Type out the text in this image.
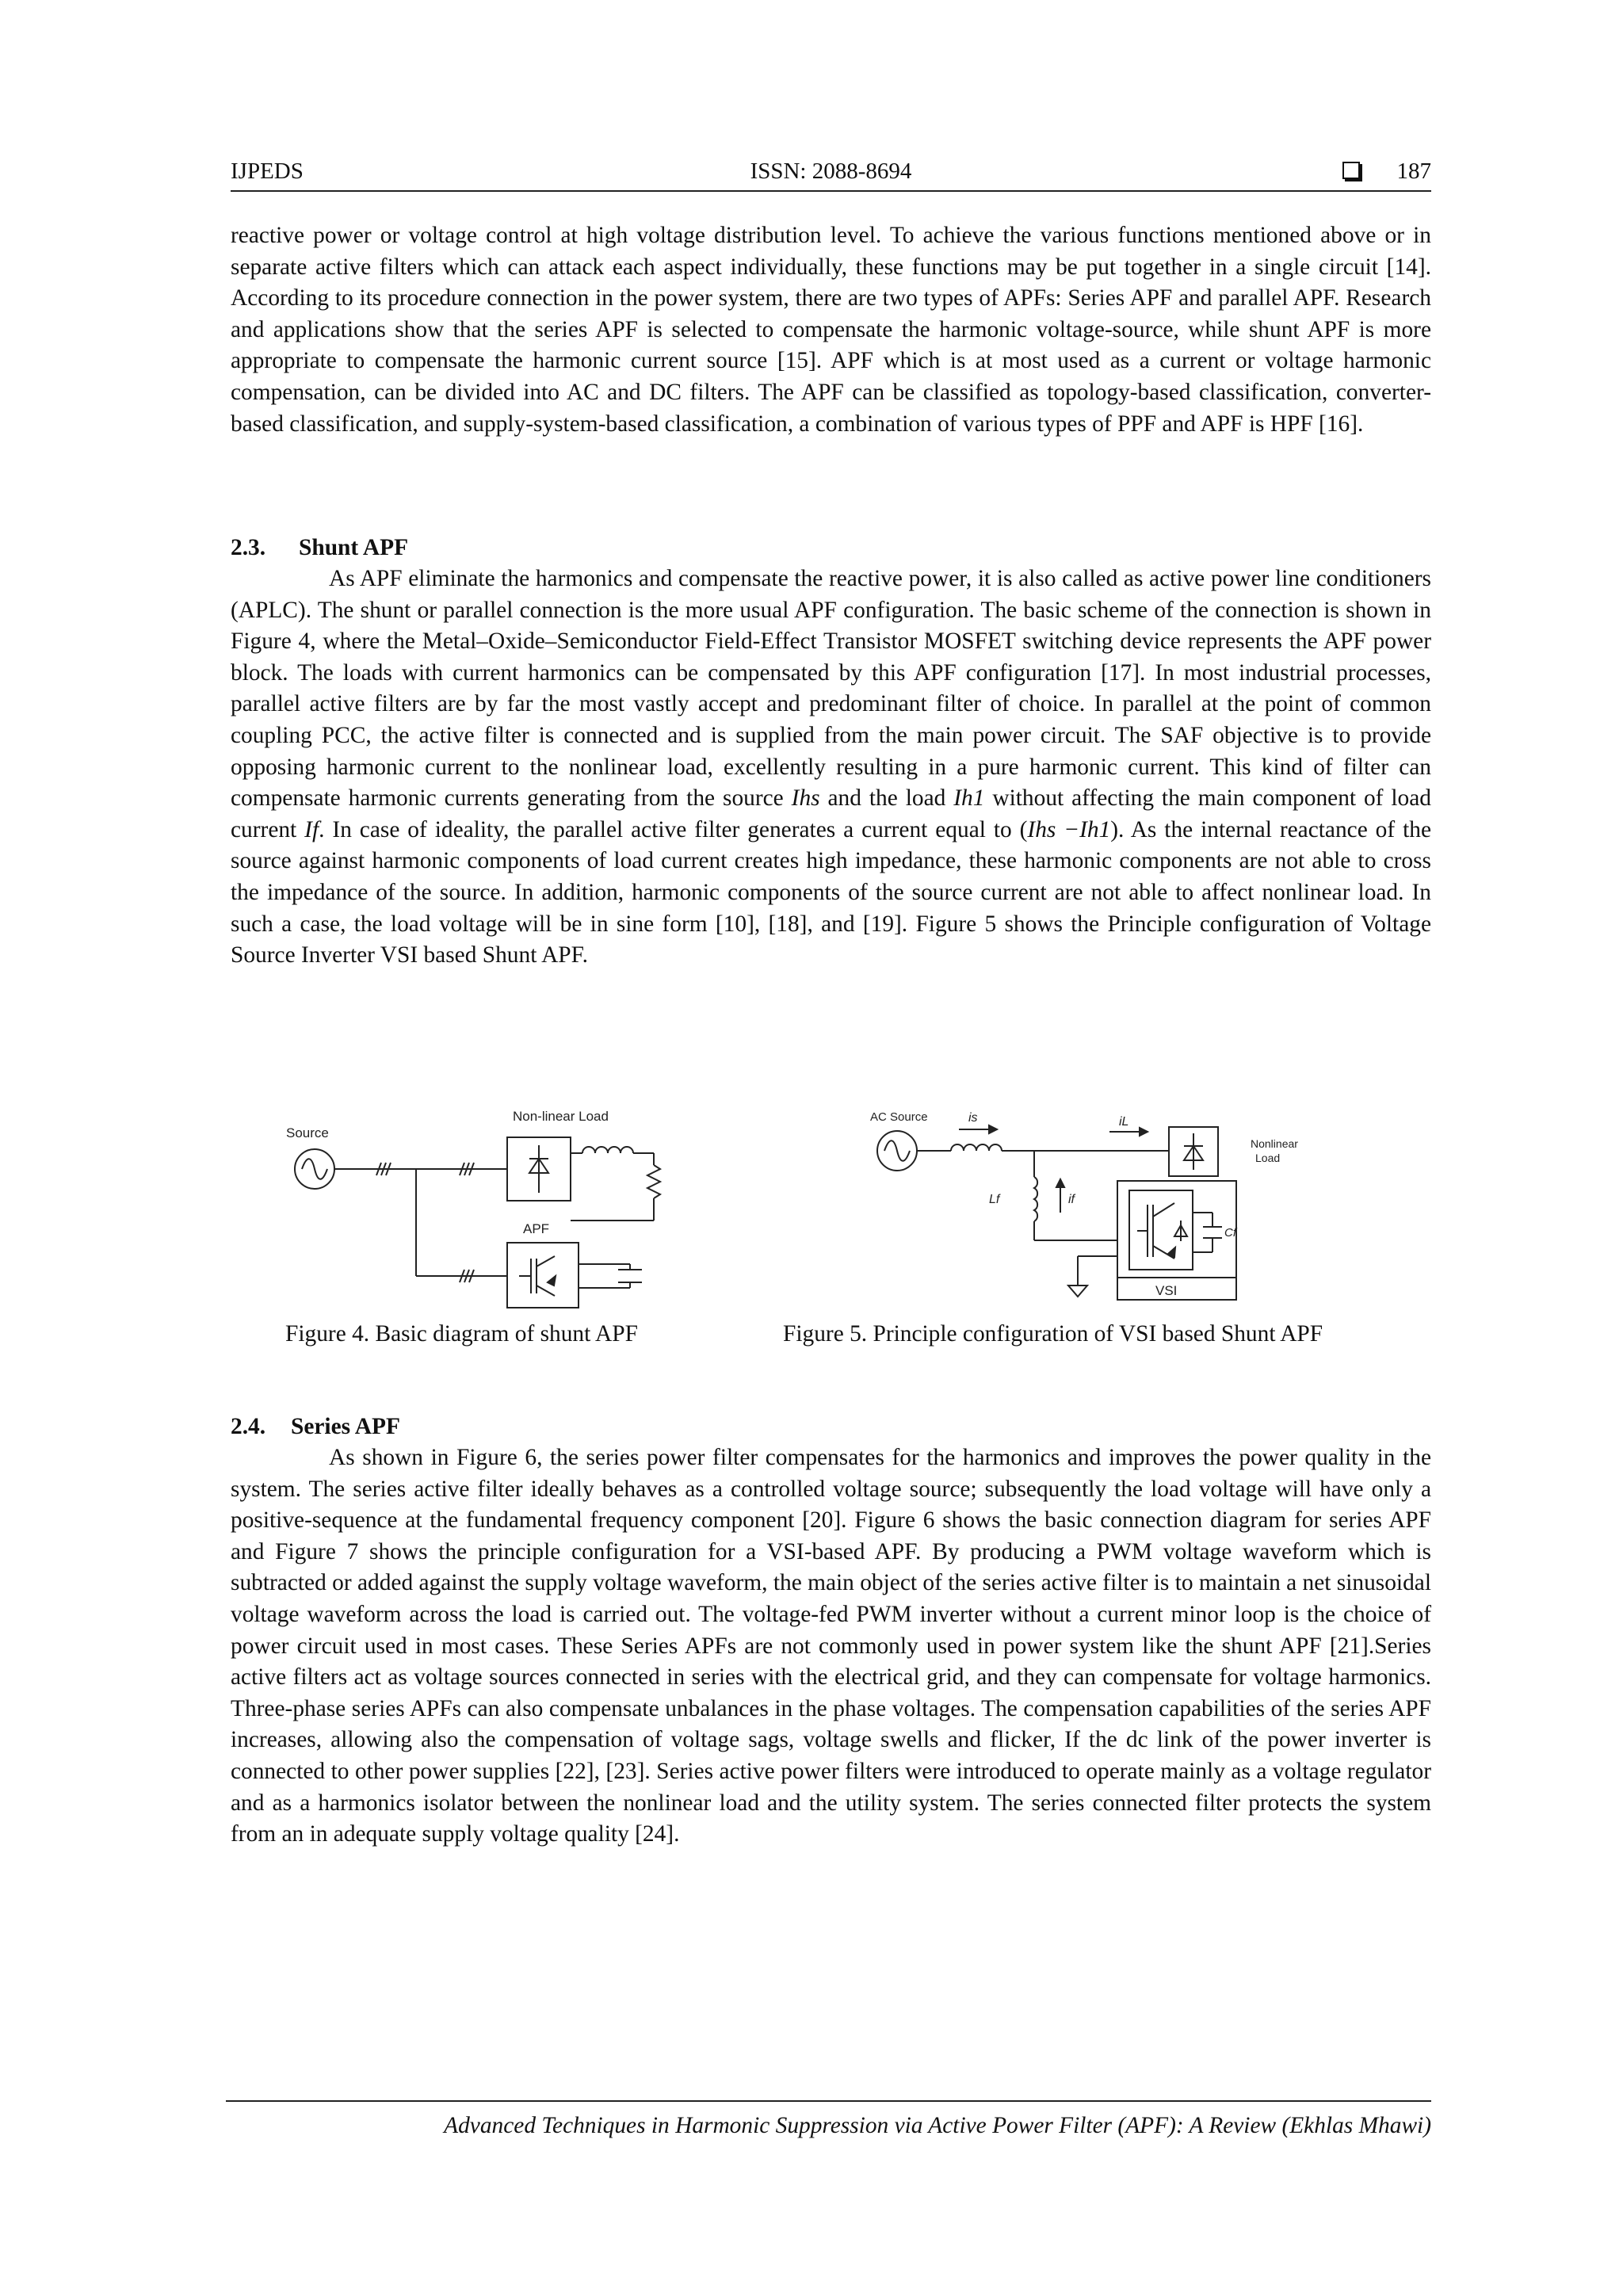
IJPEDS	ISSN: 2088-8694	187

reactive power or voltage control at high voltage distribution level. To achieve the various functions mentioned above or in separate active filters which can attack each aspect individually, these functions may be put together in a single circuit [14]. According to its procedure connection in the power system, there are two types of APFs: Series APF and parallel APF. Research and applications show that the series APF is selected to compensate the harmonic voltage-source, while shunt APF is more appropriate to compensate the harmonic current source [15]. APF which is at most used as a current or voltage harmonic compensation, can be divided into AC and DC filters. The APF can be classified as topology-based classification, converter-based classification, and supply-system-based classification, a combination of various types of PPF and APF is HPF [16].

2.3. Shunt APF

As APF eliminate the harmonics and compensate the reactive power, it is also called as active power line conditioners (APLC). The shunt or parallel connection is the more usual APF configuration. The basic scheme of the connection is shown in Figure 4, where the Metal–Oxide–Semiconductor Field-Effect Transistor MOSFET switching device represents the APF power block. The loads with current harmonics can be compensated by this APF configuration [17]. In most industrial processes, parallel active filters are by far the most vastly accept and predominant filter of choice. In parallel at the point of common coupling PCC, the active filter is connected and is supplied from the main power circuit. The SAF objective is to provide opposing harmonic current to the nonlinear load, excellently resulting in a pure harmonic current. This kind of filter can compensate harmonic currents generating from the source Ihs and the load Ih1 without affecting the main component of load current If. In case of ideality, the parallel active filter generates a current equal to (Ihs −Ih1). As the internal reactance of the source against harmonic components of load current creates high impedance, these harmonic components are not able to cross the impedance of the source. In addition, harmonic components of the source current are not able to affect nonlinear load. In such a case, the load voltage will be in sine form [10], [18], and [19]. Figure 5 shows the Principle configuration of Voltage Source Inverter VSI based Shunt APF.

Source
Non-linear Load
APF
Figure 4. Basic diagram of shunt APF
AC Source	is	iL
Nonlinear
Load
Lf	if
Cf
VSI
Figure 5. Principle configuration of VSI based Shunt APF
2.4. Series APF

As shown in Figure 6, the series power filter compensates for the harmonics and improves the power quality in the system. The series active filter ideally behaves as a controlled voltage source; subsequently the load voltage will have only a positive-sequence at the fundamental frequency component [20]. Figure 6 shows the basic connection diagram for series APF and Figure 7 shows the principle configuration for a VSI-based APF. By producing a PWM voltage waveform which is subtracted or added against the supply voltage waveform, the main object of the series active filter is to maintain a net sinusoidal voltage waveform across the load is carried out. The voltage-fed PWM inverter without a current minor loop is the choice of power circuit used in most cases. These Series APFs are not commonly used in power system like the shunt APF [21].Series active filters act as voltage sources connected in series with the electrical grid, and they can compensate for voltage harmonics. Three-phase series APFs can also compensate unbalances in the phase voltages. The compensation capabilities of the series APF increases, allowing also the compensation of voltage sags, voltage swells and flicker, If the dc link of the power inverter is connected to other power supplies [22], [23]. Series active power filters were introduced to operate mainly as a voltage regulator and as a harmonics isolator between the nonlinear load and the utility system. The series connected filter protects the system from an in adequate supply voltage quality [24].

Advanced Techniques in Harmonic Suppression via Active Power Filter (APF): A Review (Ekhlas Mhawi)
